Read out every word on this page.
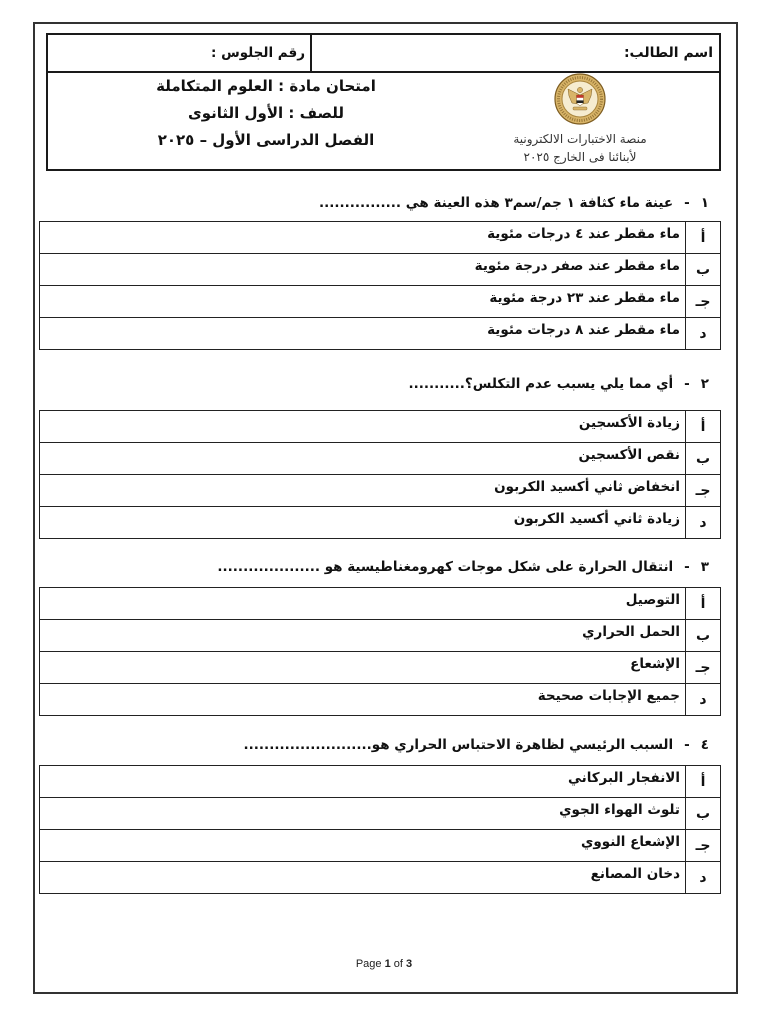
اسم الطالب:
رقم الجلوس :
امتحان مادة : العلوم المتكاملة
للصف : الأول الثانوى
الفصل الدراسى الأول – ٢٠٢٥	منصة الاختبارات الالكترونية
لأبنائنا فى الخارج ٢٠٢٥
١
-
عينة ماء كثافة ١ جم/سم٣ هذه العينة هي ................
أ
ماء مقطر عند ٤ درجات مئوية
ب
ماء مقطر عند صفر درجة مئوية
جـ
ماء مقطر عند ٢٣ درجة مئوية
د
ماء مقطر عند ٨ درجات مئوية
٢
-
أي مما يلي يسبب عدم التكلس؟...........
أ
زيادة الأكسجين
ب
نقص الأكسجين
جـ
انخفاض ثاني أكسيد الكربون
د
زيادة ثاني أكسيد الكربون
٣
-
انتقال الحرارة على شكل موجات كهرومغناطيسية هو ....................
أ
التوصيل
ب
الحمل الحراري
جـ
الإشعاع
د
جميع الإجابات صحيحة
٤
-
السبب الرئيسي لظاهرة الاحتباس الحراري هو.........................
أ
الانفجار البركاني
ب
تلوث الهواء الجوي
جـ
الإشعاع النووي
د
دخان المصانع
Page 1 of 3
